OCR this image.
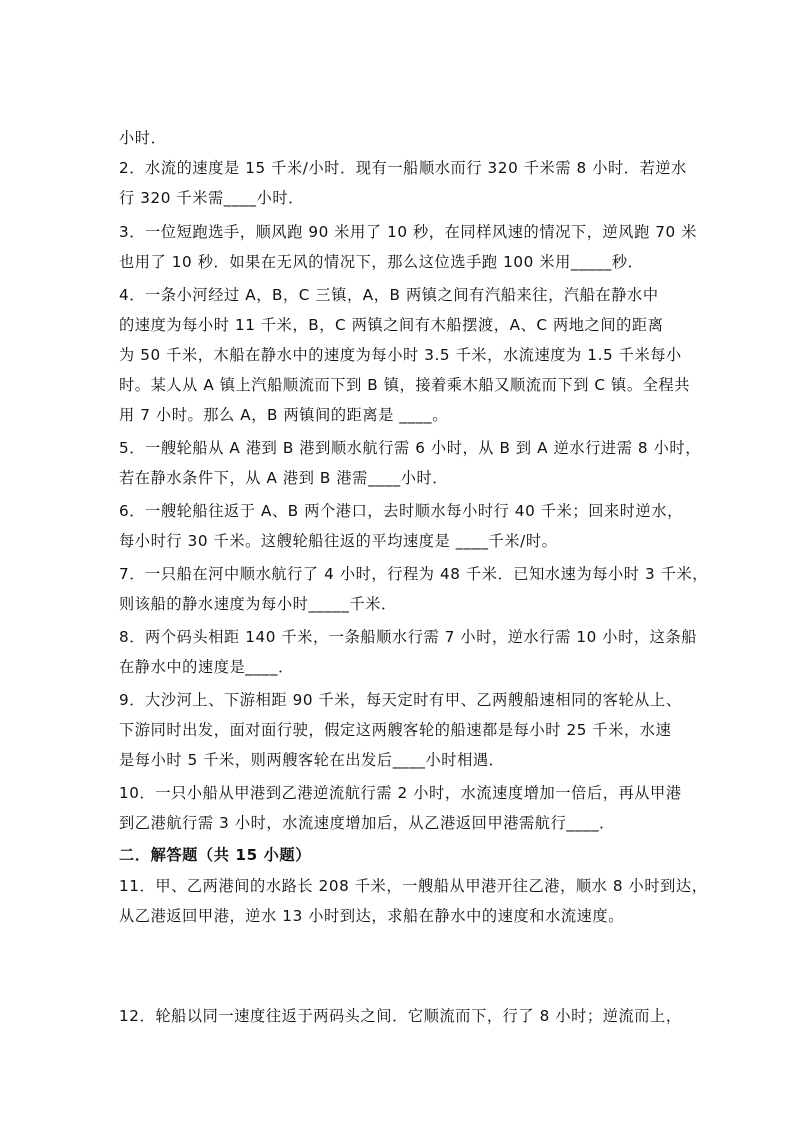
小时．
2．水流的速度是 15 千米/小时．现有一船顺水而行 320 千米需 8 小时．若逆水
行 320 千米需____小时．
3．一位短跑选手，顺风跑 90 米用了 10 秒，在同样风速的情况下，逆风跑 70 米
也用了 10 秒．如果在无风的情况下，那么这位选手跑 100 米用_____秒．
4．一条小河经过 A，B，C 三镇，A，B 两镇之间有汽船来往，汽船在静水中
的速度为每小时 11 千米，B，C 两镇之间有木船摆渡，A、C 两地之间的距离
为 50 千米，木船在静水中的速度为每小时 3.5 千米，水流速度为 1.5 千米每小
时。某人从 A 镇上汽船顺流而下到 B 镇，接着乘木船又顺流而下到 C 镇。全程共
用 7 小时。那么 A，B 两镇间的距离是 ____。
5．一艘轮船从 A 港到 B 港到顺水航行需 6 小时，从 B 到 A 逆水行进需 8 小时，
若在静水条件下，从 A 港到 B 港需____小时．
6．一艘轮船往返于 A、B 两个港口，去时顺水每小时行 40 千米；回来时逆水，
每小时行 30 千米。这艘轮船往返的平均速度是 ____千米/时。
7．一只船在河中顺水航行了 4 小时，行程为 48 千米．已知水速为每小时 3 千米，
则该船的静水速度为每小时_____千米．
8．两个码头相距 140 千米，一条船顺水行需 7 小时，逆水行需 10 小时，这条船
在静水中的速度是____．
9．大沙河上、下游相距 90 千米，每天定时有甲、乙两艘船速相同的客轮从上、
下游同时出发，面对面行驶，假定这两艘客轮的船速都是每小时 25 千米，水速
是每小时 5 千米，则两艘客轮在出发后____小时相遇．
10．一只小船从甲港到乙港逆流航行需 2 小时，水流速度增加一倍后，再从甲港
到乙港航行需 3 小时，水流速度增加后，从乙港返回甲港需航行____．
二．解答题（共 15 小题）
11．甲、乙两港间的水路长 208 千米，一艘船从甲港开往乙港，顺水 8 小时到达，
从乙港返回甲港，逆水 13 小时到达，求船在静水中的速度和水流速度。
12．轮船以同一速度往返于两码头之间．它顺流而下，行了 8 小时；逆流而上，
